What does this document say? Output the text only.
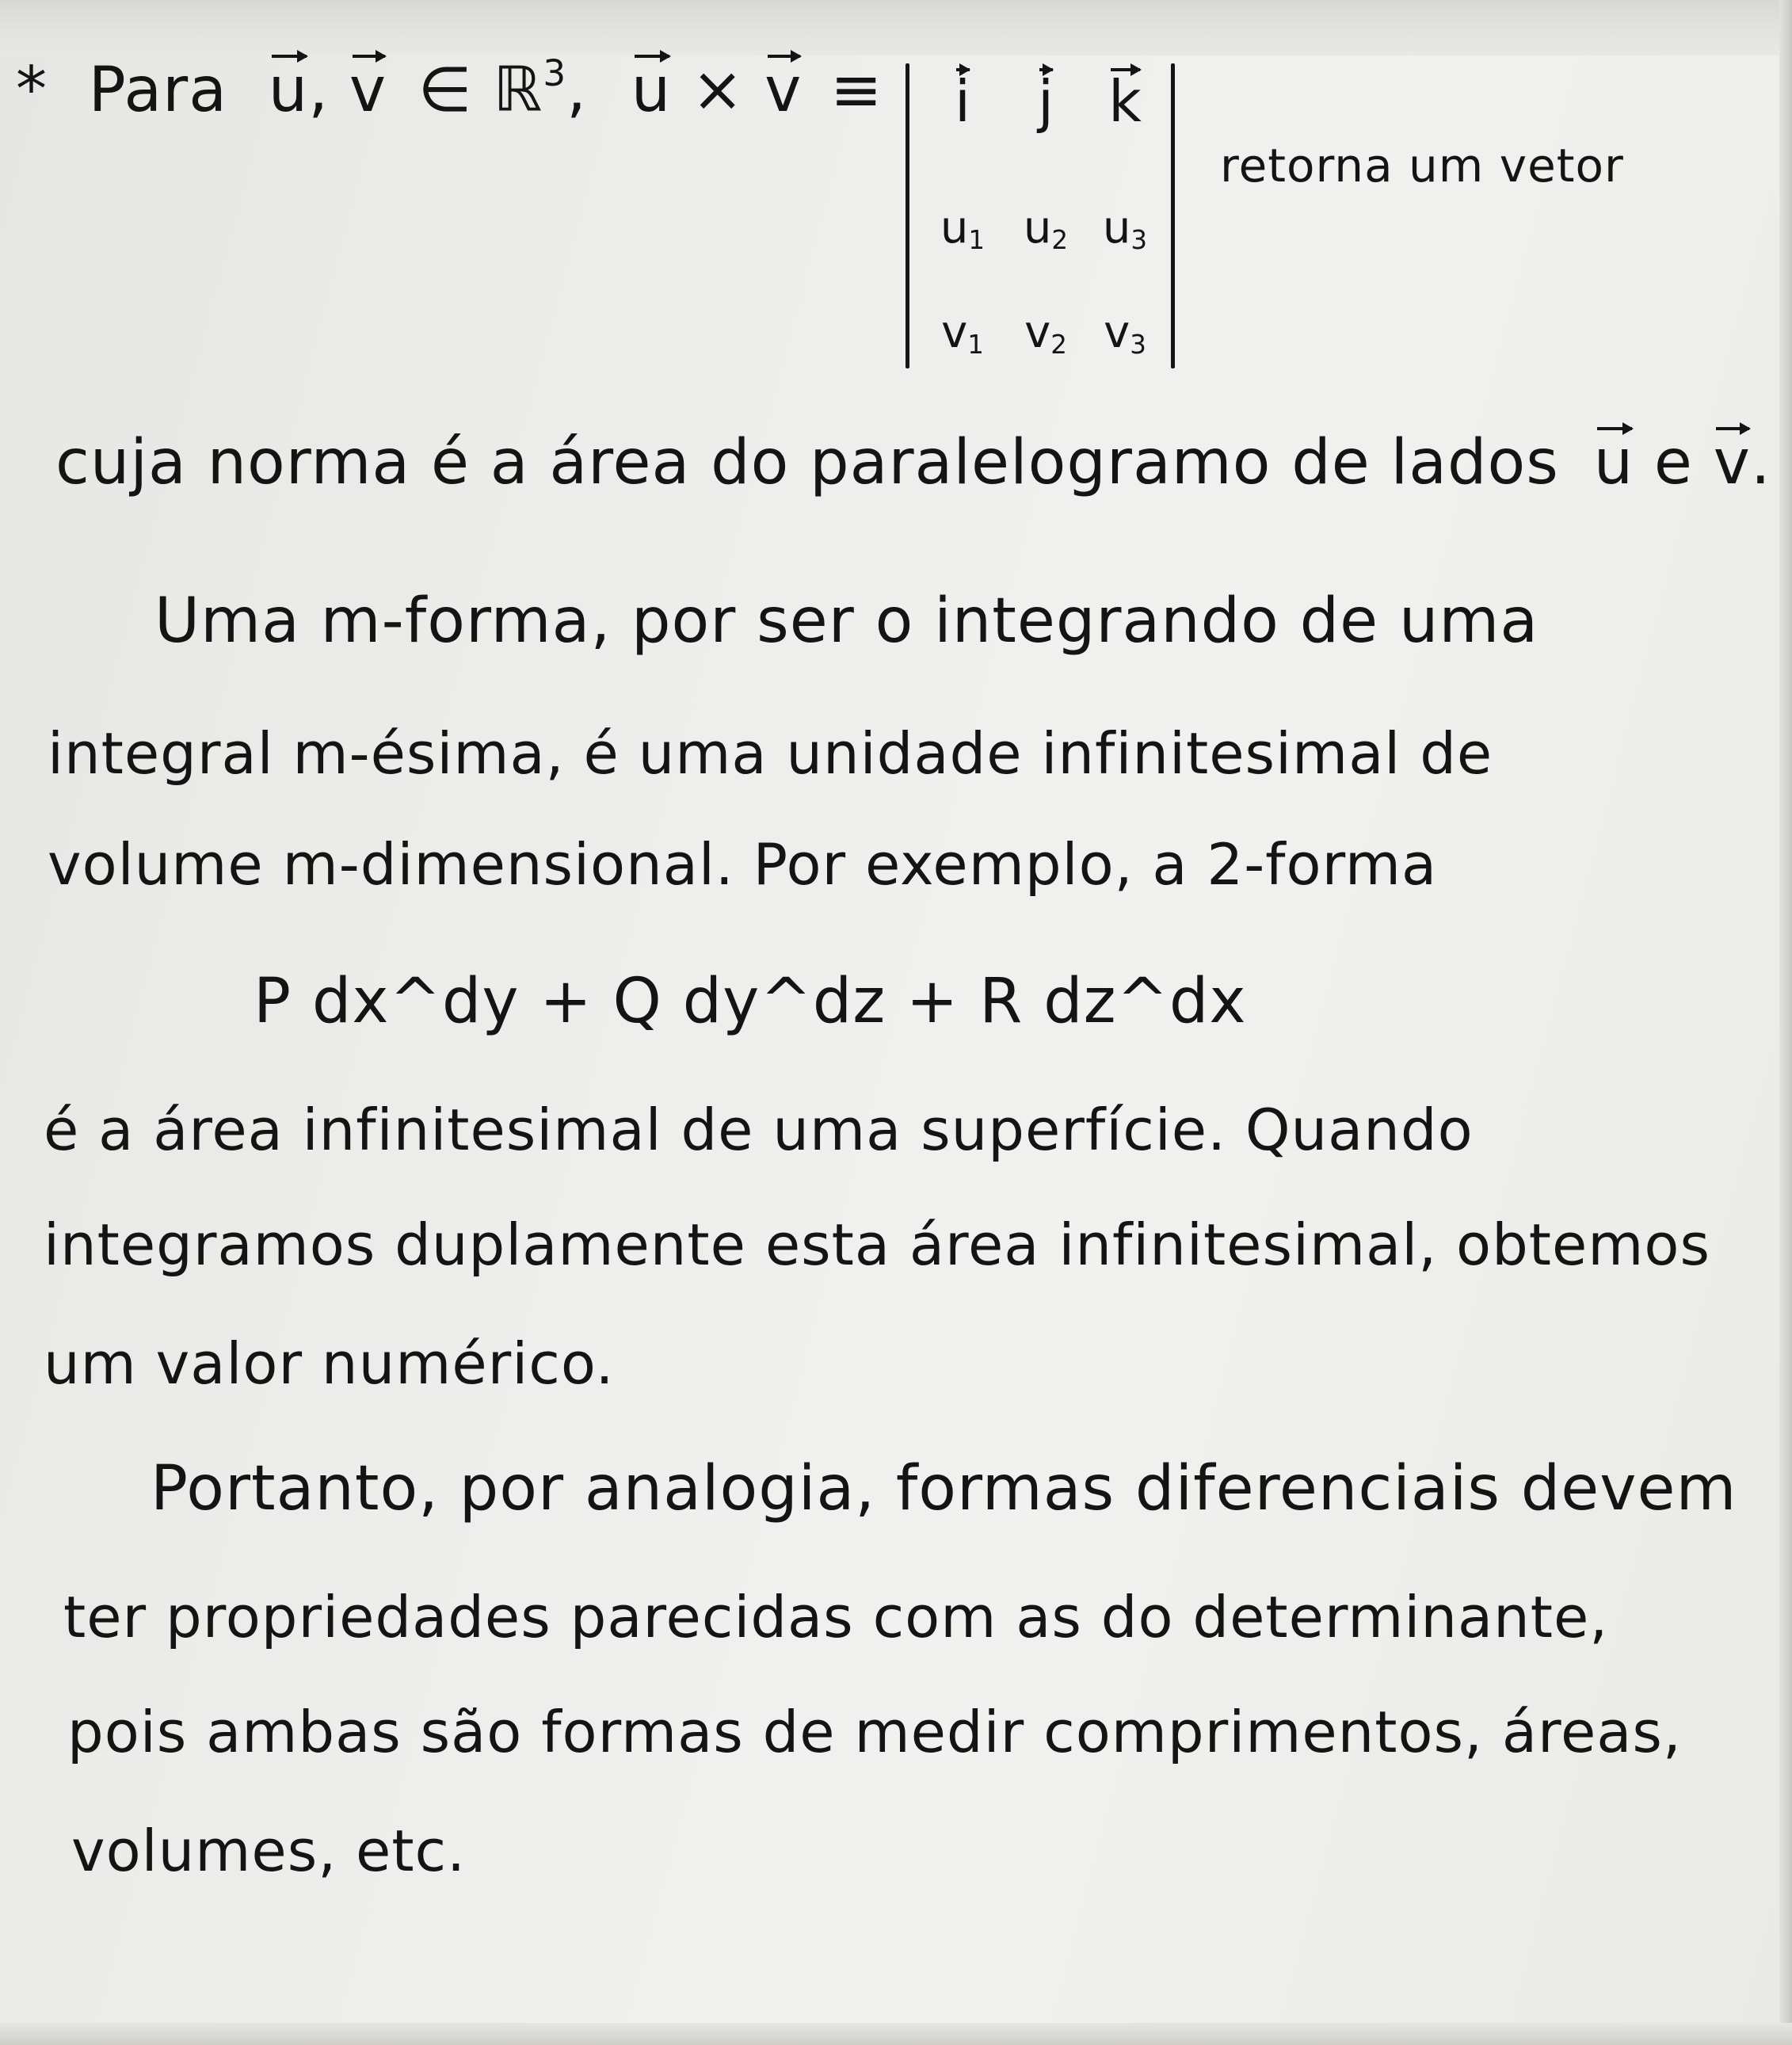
* Para u, v ∈ ℝ$^3$, u × v ≡	i	j k
$u_1$ $u_2$ $u_3$
$v_1$ $v_2$ $v_3$
retorna um vetor
cuja norma é a área do paralelogramo de lados u e v.
Uma m-forma, por ser o integrando de uma
integral m-ésima, é uma unidade infinitesimal de
volume m-dimensional. Por exemplo, a 2-forma
P dx^dy + Q dy^dz + R dz^dx
é a área infinitesimal de uma superfície. Quando
integramos duplamente esta área infinitesimal, obtemos
um valor numérico.
Portanto, por analogia, formas diferenciais devem
ter propriedades parecidas com as do determinante,
pois ambas são formas de medir comprimentos, áreas,
volumes, etc.
